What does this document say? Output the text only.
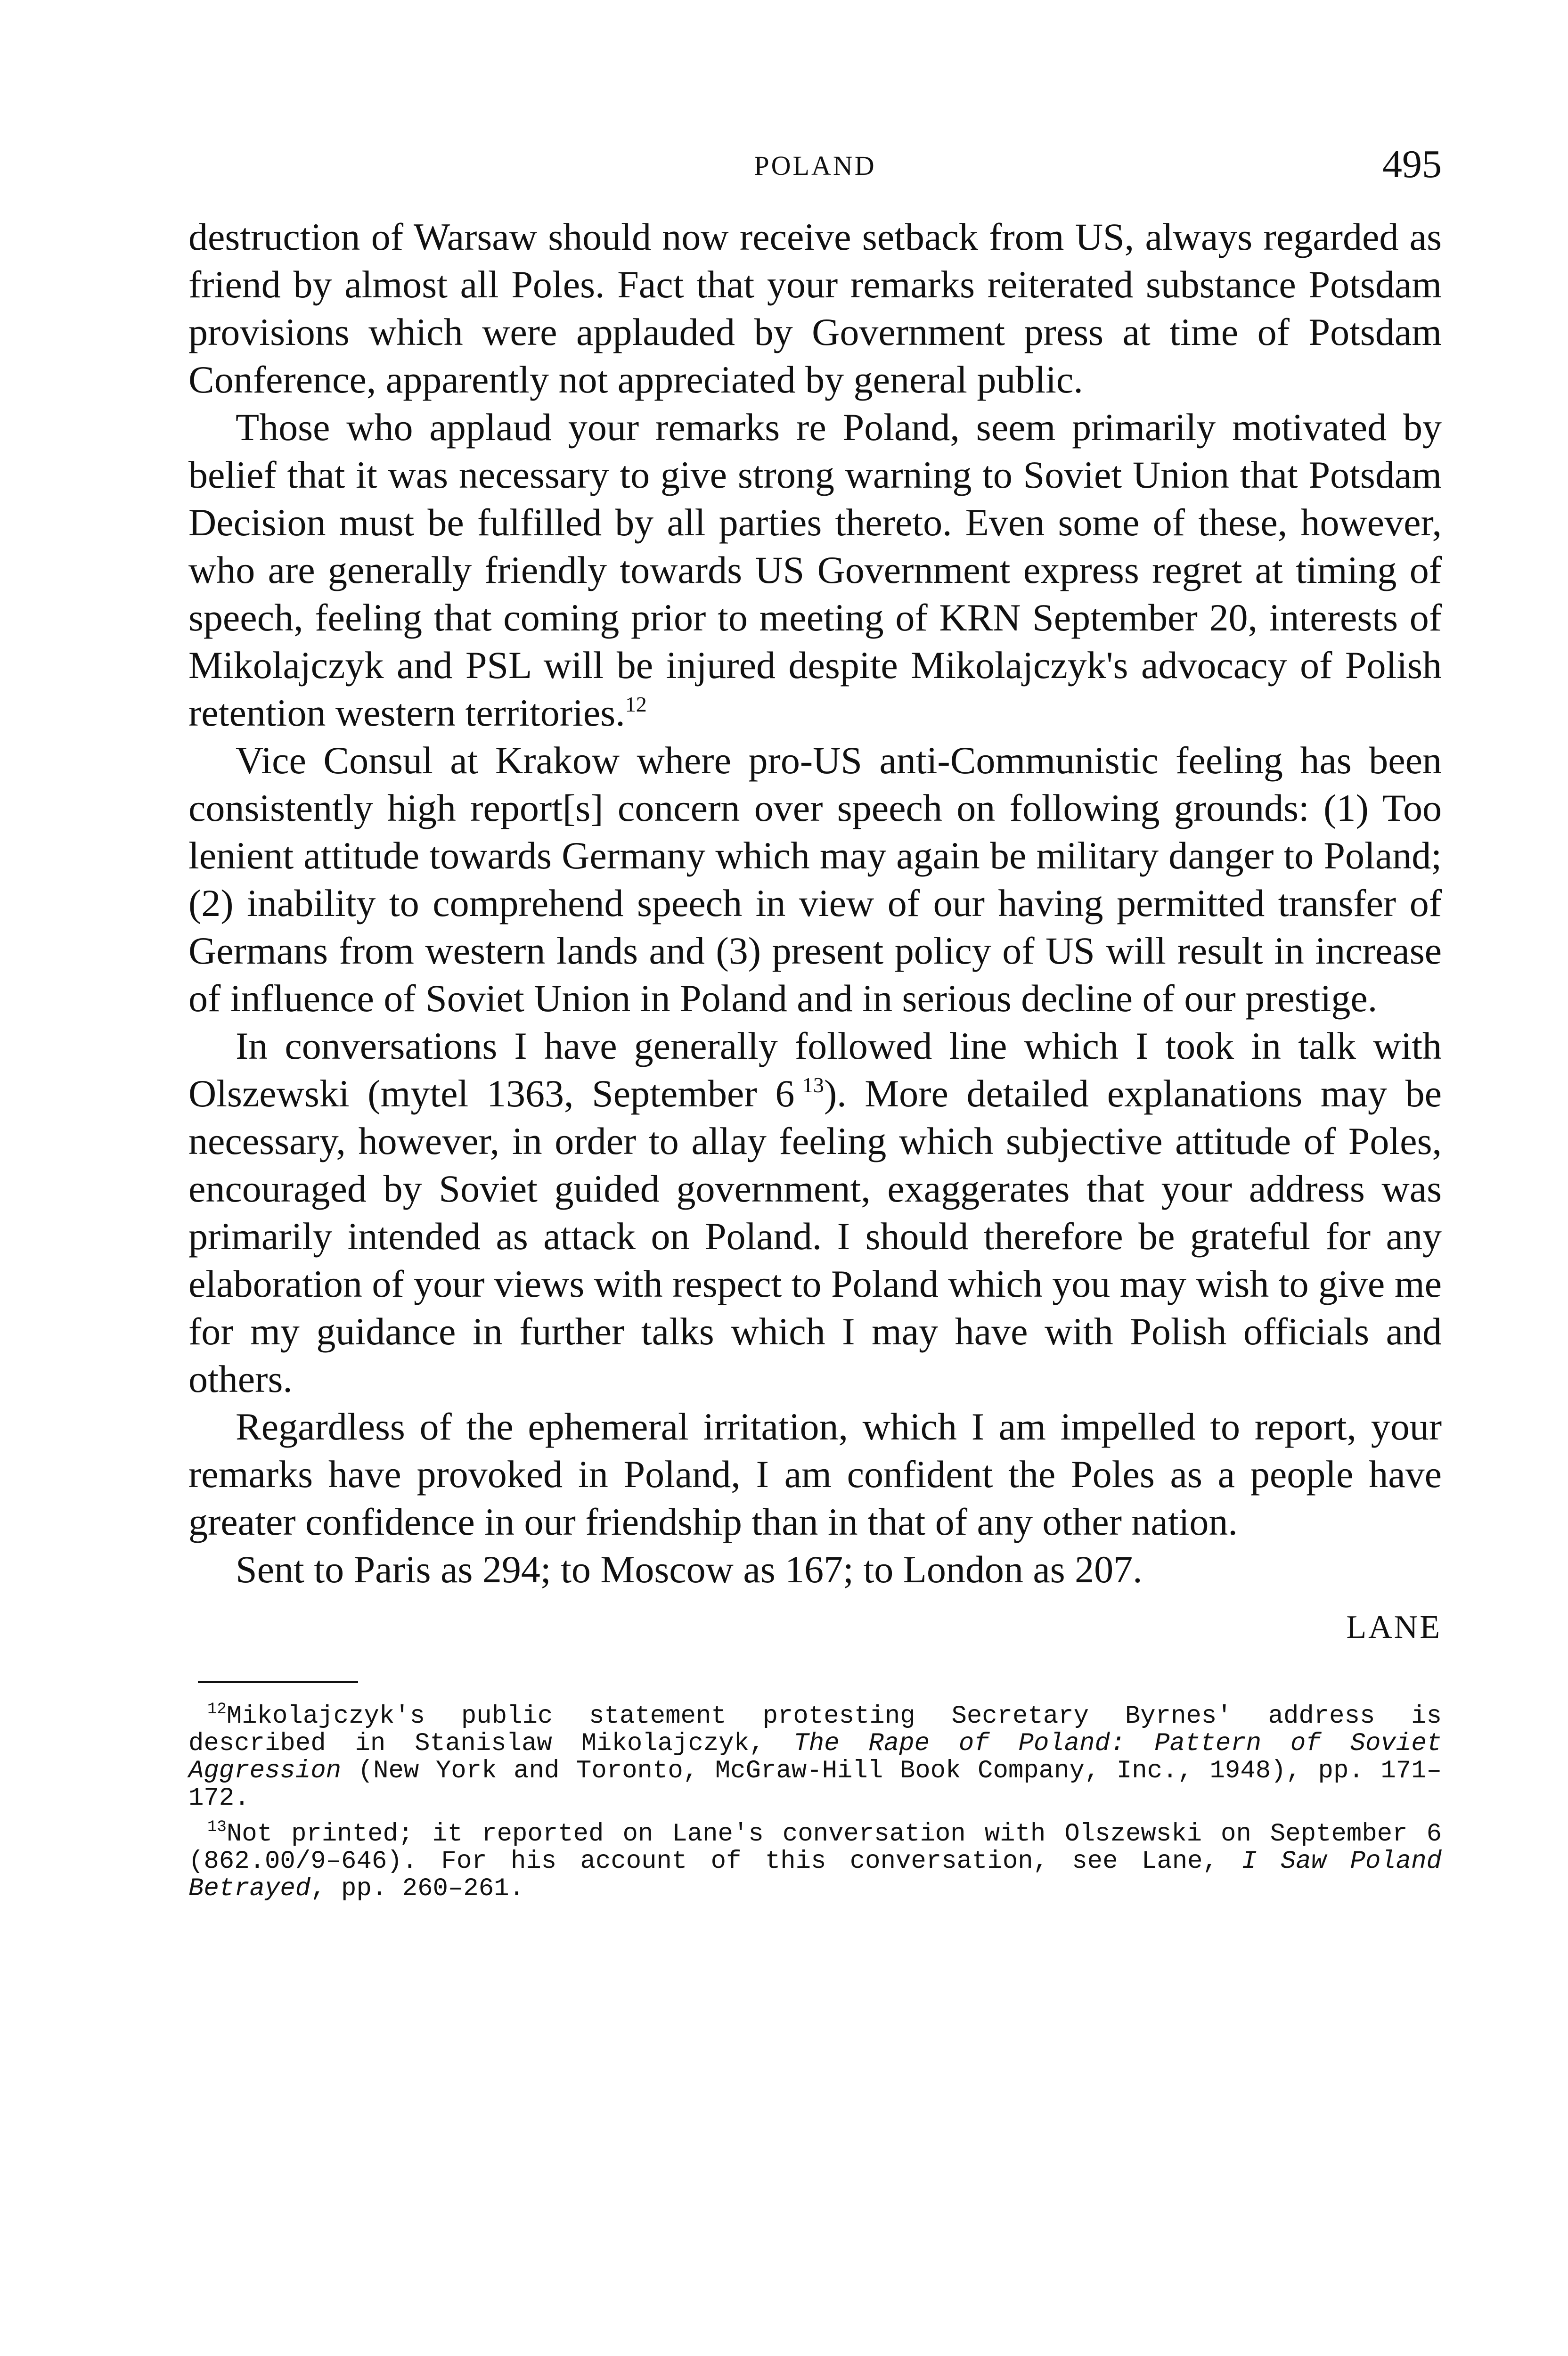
POLAND	495

destruction of Warsaw should now receive setback from US, always regarded as friend by almost all Poles. Fact that your remarks reiterated substance Potsdam provisions which were applauded by Government press at time of Potsdam Conference, apparently not appreciated by general public.

Those who applaud your remarks re Poland, seem primarily motivated by belief that it was necessary to give strong warning to Soviet Union that Potsdam Decision must be fulfilled by all parties thereto. Even some of these, however, who are generally friendly towards US Government express regret at timing of speech, feeling that coming prior to meeting of KRN September 20, interests of Mikolajczyk and PSL will be injured despite Mikolajczyk's advocacy of Polish retention western territories.$^{12}$

Vice Consul at Krakow where pro-US anti-Communistic feeling has been consistently high report[s] concern over speech on following grounds: (1) Too lenient attitude towards Germany which may again be military danger to Poland; (2) inability to comprehend speech in view of our having permitted transfer of Germans from western lands and (3) present policy of US will result in increase of influence of Soviet Union in Poland and in serious decline of our prestige.

In conversations I have generally followed line which I took in talk with Olszewski (mytel 1363, September 6  $^{13}$). More detailed explanations may be necessary, however, in order to allay feeling which subjective attitude of Poles, encouraged by Soviet guided government, exaggerates that your address was primarily intended as attack on Poland. I should therefore be grateful for any elaboration of your views with respect to Poland which you may wish to give me for my guidance in further talks which I may have with Polish officials and others.

Regardless of the ephemeral irritation, which I am impelled to report, your remarks have provoked in Poland, I am confident the Poles as a people have greater confidence in our friendship than in that of any other nation.

Sent to Paris as 294; to Moscow as 167; to London as 207.

LANE

$^{12}$Mikolajczyk's public statement protesting Secretary Byrnes' address is described in Stanislaw Mikolajczyk, The Rape of Poland: Pattern of Soviet Aggression (New York and Toronto, McGraw-Hill Book Company, Inc., 1948), pp. 171–172.

$^{13}$Not printed; it reported on Lane's conversation with Olszewski on September 6 (862.00/9–646). For his account of this conversation, see Lane, I Saw Poland Betrayed, pp. 260–261.
